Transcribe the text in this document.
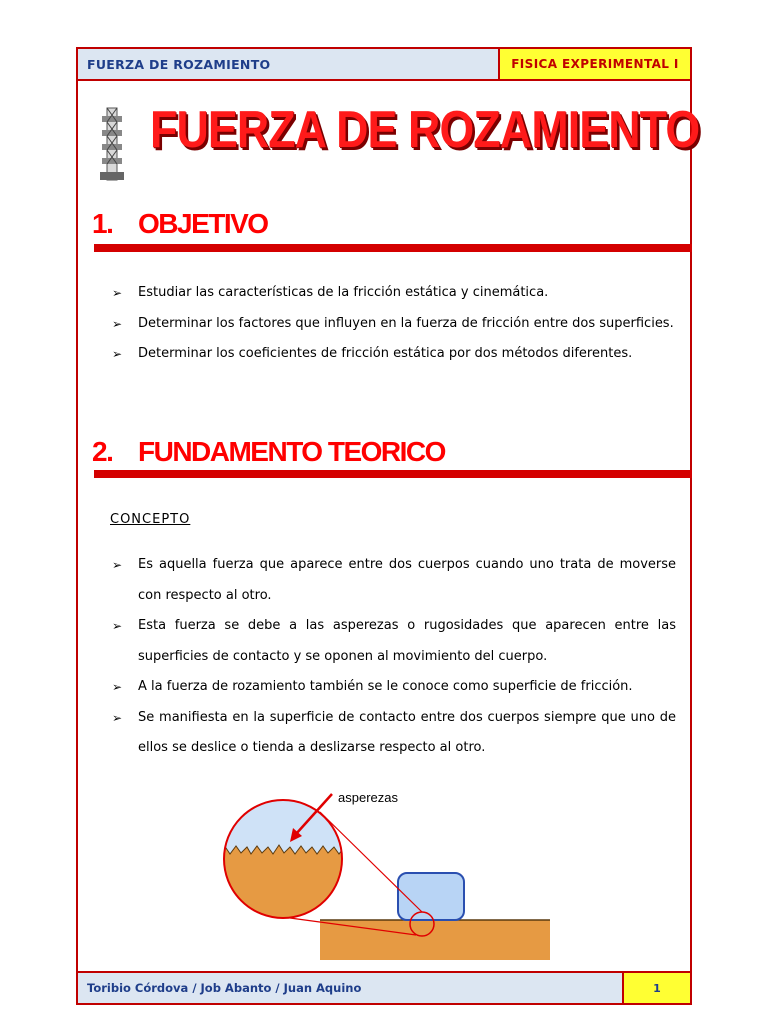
FUERZA DE ROZAMIENTO	FISICA EXPERIMENTAL I
FUERZA DE ROZAMIENTO
1. OBJETIVO
➢ Estudiar las características de la fricción estática y cinemática.
➢ Determinar los factores que influyen en la fuerza de fricción entre dos superficies.
➢ Determinar los coeficientes de fricción estática por dos métodos diferentes.
2. FUNDAMENTO TEORICO
CONCEPTO
➢ Es aquella fuerza que aparece entre dos cuerpos cuando uno trata de moverse con respecto al otro.
➢ Esta fuerza se debe a las asperezas o rugosidades que aparecen entre las superficies de contacto y se oponen al movimiento del cuerpo.
➢ A la fuerza de rozamiento también se le conoce como superficie de fricción.
➢ Se manifiesta en la superficie de contacto entre dos cuerpos siempre que uno de ellos se deslice o tienda a deslizarse respecto al otro.
asperezas
Toribio Córdova / Job Abanto / Juan Aquino	1
